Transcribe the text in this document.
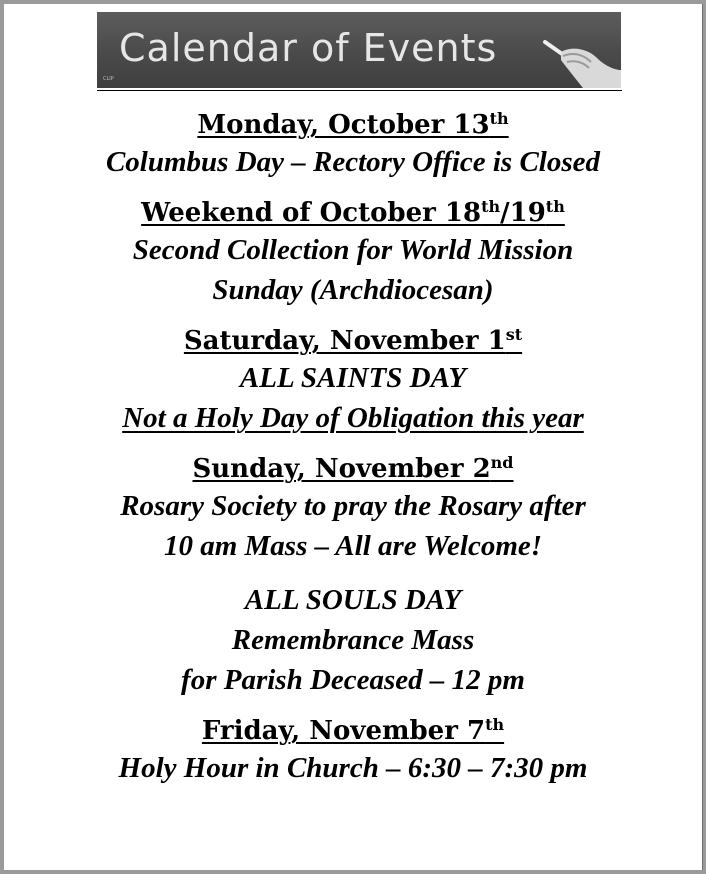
Calendar of Events
CLIP
Monday, October 13th
Columbus Day – Rectory Office is Closed
Weekend of October 18th/19th
Second Collection for World Mission
Sunday (Archdiocesan)
Saturday, November 1st
ALL SAINTS DAY
Not a Holy Day of Obligation this year
Sunday, November 2nd
Rosary Society to pray the Rosary after
10 am Mass – All are Welcome!
ALL SOULS DAY
Remembrance Mass
for Parish Deceased – 12 pm
Friday, November 7th
Holy Hour in Church – 6:30 – 7:30 pm
